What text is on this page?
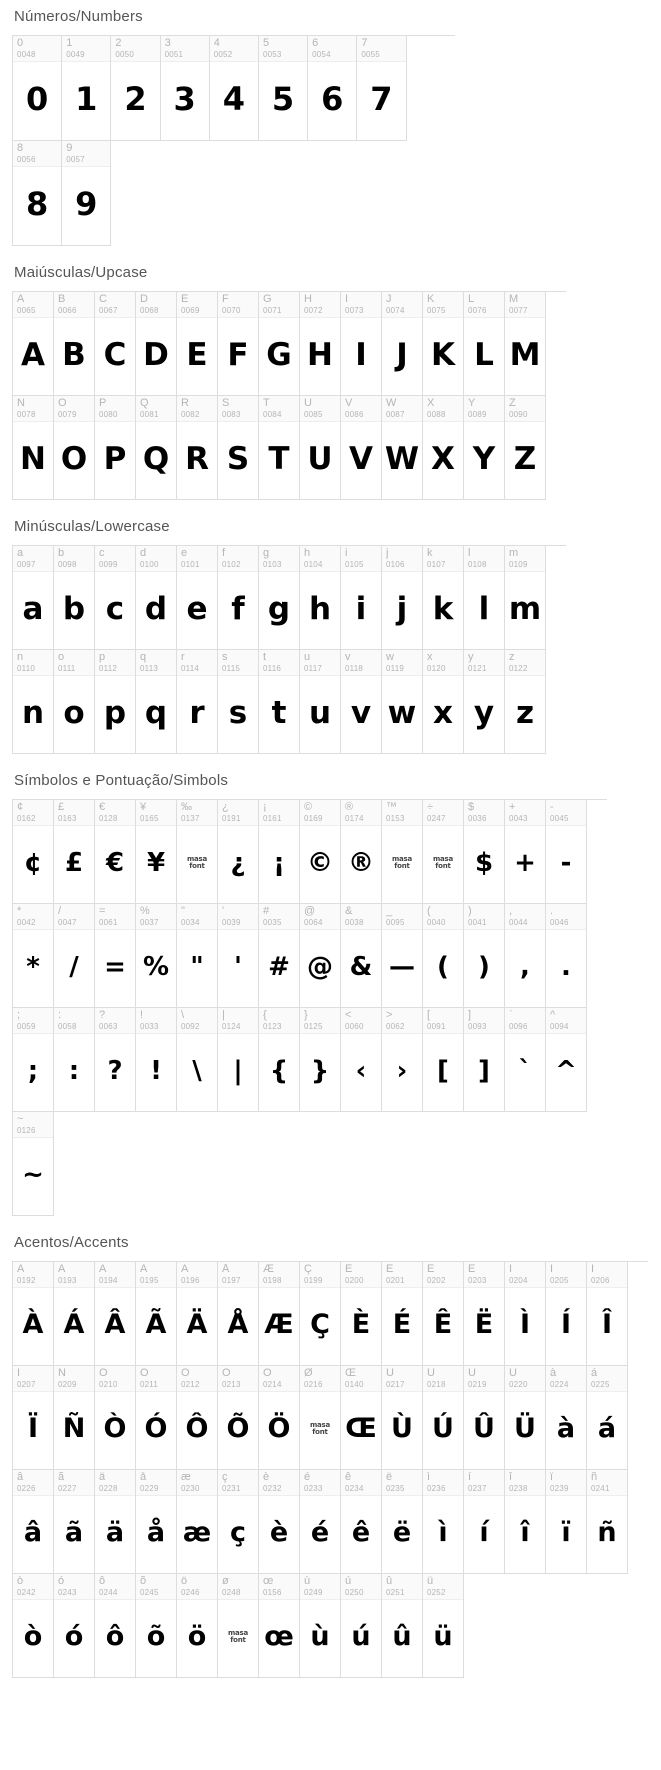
Números/Numbers
0
0048
0
1
0049
1
2
0050
2
3
0051
3
4
0052
4
5
0053
5
6
0054
6
7
0055
7
8
0056
8
9
0057
9
Maiúsculas/Upcase
A
0065
A
B
0066
B
C
0067
C
D
0068
D
E
0069
E
F
0070
F
G
0071
G
H
0072
H
I
0073
I
J
0074
J
K
0075
K
L
0076
L
M
0077
M
N
0078
N
O
0079
O
P
0080
P
Q
0081
Q
R
0082
R
S
0083
S
T
0084
T
U
0085
U
V
0086
V
W
0087
W
X
0088
X
Y
0089
Y
Z
0090
Z
Minúsculas/Lowercase
a
0097
a
b
0098
b
c
0099
c
d
0100
d
e
0101
e
f
0102
f
g
0103
g
h
0104
h
i
0105
i
j
0106
j
k
0107
k
l
0108
l
m
0109
m
n
0110
n
o
0111
o
p
0112
p
q
0113
q
r
0114
r
s
0115
s
t
0116
t
u
0117
u
v
0118
v
w
0119
w
x
0120
x
y
0121
y
z
0122
z
Símbolos e Pontuação/Simbols
¢
0162
¢
£
0163
£
€
0128
€
¥
0165
¥
‰
0137
masa
font
¿
0191
¿
¡
0161
¡
©
0169
©
®
0174
®
™
0153
masa
font
÷
0247
masa
font
$
0036
$
+
0043
+
-
0045
-
*
0042
*
/
0047
/
=
0061
=
%
0037
%
"
0034
"
'
0039
'
#
0035
#
@
0064
@
&
0038
&
_
0095
—
(
0040
(
)
0041
)
,
0044
,
.
0046
.
;
0059
;
:
0058
:
?
0063
?
!
0033
!
\
0092
\
|
0124
|
{
0123
{
}
0125
}
<
0060
‹
>
0062
›
[
0091
[
]
0093
]
`
0096
`
^
0094
^
~
0126
~
Acentos/Accents
À
0192
À
Á
0193
Á
Â
0194
Â
Ã
0195
Ã
Ä
0196
Ä
Å
0197
Å
Æ
0198
Æ
Ç
0199
Ç
È
0200
È
É
0201
É
Ê
0202
Ê
Ë
0203
Ë
Ì
0204
Ì
Í
0205
Í
Î
0206
Î
Ï
0207
Ï
Ñ
0209
Ñ
Ò
0210
Ò
Ó
0211
Ó
Ô
0212
Ô
Õ
0213
Õ
Ö
0214
Ö
Ø
0216
masa
font
Œ
0140
Œ
Ù
0217
Ù
Ú
0218
Ú
Û
0219
Û
Ü
0220
Ü
à
0224
à
á
0225
á
â
0226
â
ã
0227
ã
ä
0228
ä
å
0229
å
æ
0230
æ
ç
0231
ç
è
0232
è
é
0233
é
ê
0234
ê
ë
0235
ë
ì
0236
ì
í
0237
í
î
0238
î
ï
0239
ï
ñ
0241
ñ
ò
0242
ò
ó
0243
ó
ô
0244
ô
õ
0245
õ
ö
0246
ö
ø
0248
masa
font
œ
0156
œ
ù
0249
ù
ú
0250
ú
û
0251
û
ü
0252
ü
